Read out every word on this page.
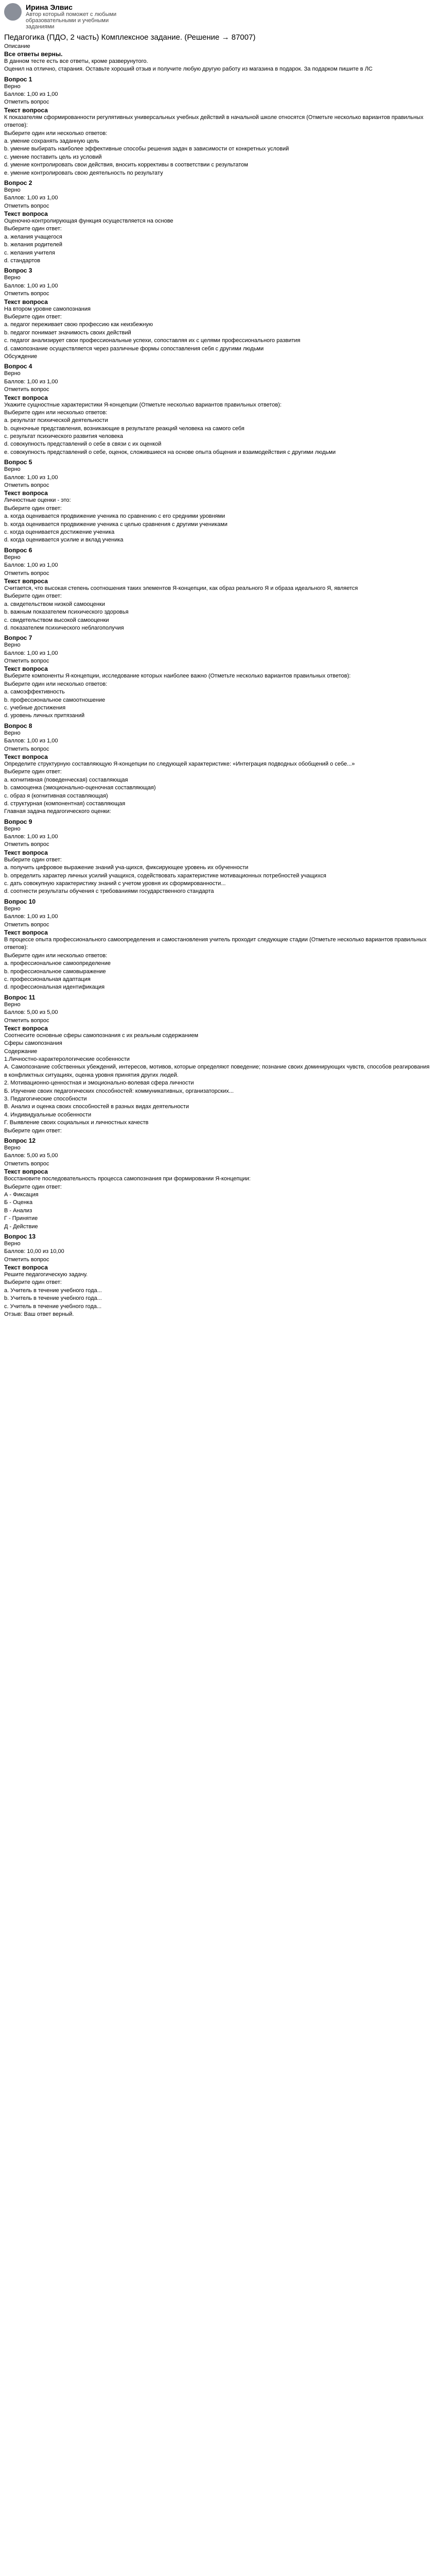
Ирина Элвис
Автор который поможет с любыми образовательными и учебными заданиями
Педагогика (ПДО, 2 часть) Комплексное задание. (Решение → 87007)
Описание
Все ответы верны.
В данном тесте есть все ответы, кроме разверунутого.
Оценил на отлично, старания. Оставьте хороший отзыв и получите любую другую работу из магазина в подарок. За подарком пишите в ЛС
Вопрос 1
Верно
Баллов: 1,00 из 1,00
Отметить вопрос
Текст вопроса
К показателям сформированности регулятивных универсальных учебных действий в начальной школе относятся (Отметьте несколько вариантов правильных ответов):
Выберите один или несколько ответов:
a. умение сохранять заданную цель
b. умение выбирать наиболее эффективные способы решения задач в зависимости от конкретных условий
c. умение поставить цель из условий
d. умение контролировать свои действия, вносить коррективы в соответствии с результатом
e. умение контролировать свою деятельность по результату
Вопрос 2
Верно
Баллов: 1,00 из 1,00
Отметить вопрос
Текст вопроса
Оценочно-контролирующая функция осуществляется на основе
Выберите один ответ:
a. желания учащегося
b. желания родителей
c. желания учителя
d. стандартов
Вопрос 3
Верно
Баллов: 1,00 из 1,00
Отметить вопрос
Текст вопроса
На втором уровне самопознания
Выберите один ответ:
a. педагог переживает свою профессию как неизбежную
b. педагог понимает значимость своих действий
c. педагог анализирует свои профессиональные успехи, сопоставляя их с целями профессионального развития
d. самопознание осуществляется через различные формы сопоставления себя с другими людьми
Обсуждение
Вопрос 4
Верно
Баллов: 1,00 из 1,00
Отметить вопрос
Текст вопроса
Укажите сущностные характеристики Я-концепции (Отметьте несколько вариантов правильных ответов):
Выберите один или несколько ответов:
a. результат психической деятельности
b. оценочные представления, возникающие в результате реакций человека на самого себя
c. результат психического развития человека
d. совокупность представлений о себе в связи с их оценкой
e. совокупность представлений о себе, оценок, сложившиеся на основе опыта общения и взаимодействия с другими людьми
Вопрос 5
Верно
Баллов: 1,00 из 1,00
Отметить вопрос
Текст вопроса
Личностные оценки - это:
Выберите один ответ:
a. когда оценивается продвижение ученика по сравнению с его средними уровнями
b. когда оценивается продвижение ученика с целью сравнения с другими учениками
c. когда оценивается достижение ученика
d. когда оценивается усилие и вклад ученика
Вопрос 6
Верно
Баллов: 1,00 из 1,00
Отметить вопрос
Текст вопроса
Считается, что высокая степень соотношения таких элементов Я-концепции, как образ реального Я и образа идеального Я, является
Выберите один ответ:
a. свидетельством низкой самооценки
b. важным показателем психического здоровья
c. свидетельством высокой самооценки
d. показателем психического неблагополучия
Вопрос 7
Верно
Баллов: 1,00 из 1,00
Отметить вопрос
Текст вопроса
Выберите компоненты Я-концепции, исследование которых наиболее важно (Отметьте несколько вариантов правильных ответов):
Выберите один или несколько ответов:
a. самоэффективность
b. профессиональное самоотношение
c. учебные достижения
d. уровень личных притязаний
Вопрос 8
Верно
Баллов: 1,00 из 1,00
Отметить вопрос
Текст вопроса
Определите структурную составляющую Я-концепции по следующей характеристике: «Интеграция подводных обобщений о себе...»
Выберите один ответ:
a. когнитивная (поведенческая) составляющая
b. самооценка (эмоционально-оценочная составляющая)
c. образ я (когнитивная составляющая)
d. структурная (компонентная) составляющая
Главная задача педагогического оценки:
Вопрос 9
Верно
Баллов: 1,00 из 1,00
Отметить вопрос
Текст вопроса
Выберите один ответ:
a. получить цифровое выражение знаний уча-щихся, фиксирующее уровень их обученности
b. определить характер личных усилий учащихся, содействовать характеристике мотивационных потребностей учащихся
c. дать совокупную характеристику знаний с учетом уровня их сформированности...
d. соотнести результаты обучения с требованиями государственного стандарта
Вопрос 10
Верно
Баллов: 1,00 из 1,00
Отметить вопрос
Текст вопроса
В процессе опыта профессионального самоопределения и самостановления учитель проходит следующие стадии (Отметьте несколько вариантов правильных ответов):
Выберите один или несколько ответов:
a. профессиональное самоопределение
b. профессиональное самовыражение
c. профессиональная адаптация
d. профессиональная идентификация
Вопрос 11
Верно
Баллов: 5,00 из 5,00
Отметить вопрос
Текст вопроса
Соотнесите основные сферы самопознания с их реальным содержанием
Сферы самопознания
Содержание
1.Личностно-характерологические особенности
А. Самопознание собственных убеждений, интересов, мотивов, которые определяют поведение; познание своих доминирующих чувств, способов реагирования в конфликтных ситуациях, оценка уровня принятия других людей.
2. Мотивационно-ценностная и эмоционально-волевая сфера личности
Б. Изучение своих педагогических способностей: коммуникативных, организаторских...
3. Педагогические способности
В. Анализ и оценка своих способностей в разных видах деятельности
4. Индивидуальные особенности
Г. Выявление своих социальных и личностных качеств
Выберите один ответ:
Вопрос 12
Верно
Баллов: 5,00 из 5,00
Отметить вопрос
Текст вопроса
Восстановите последовательность процесса самопознания при формировании Я-концепции:
Выберите один ответ:
А - Фиксация
Б - Оценка
В - Анализ
Г - Принятие
Д - Действие
Вопрос 13
Верно
Баллов: 10,00 из 10,00
Отметить вопрос
Текст вопроса
Решите педагогическую задачу.
Выберите один ответ:
a. Учитель в течение учебного года...
b. Учитель в течение учебного года...
c. Учитель в течение учебного года...
Отзыв: Ваш ответ верный.
